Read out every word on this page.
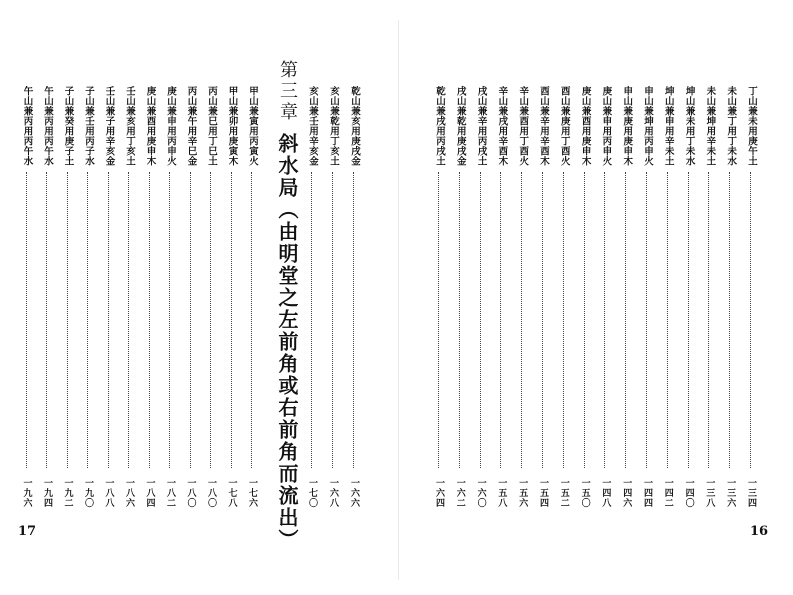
乾山兼亥用庚戌金
一六六
亥山兼乾用丁亥土
一六八
亥山兼壬用辛亥金
一七〇
第三章斜水局（由明堂之左前角或右前角而流出）
甲山兼寅用丙寅火
一七六
甲山兼卯用庚寅木
一七八
丙山兼巳用丁巳土
一八〇
丙山兼午用辛巳金
一八〇
庚山兼申用丙申火
一八二
庚山兼酉用庚申木
一八四
壬山兼亥用丁亥土
一八六
壬山兼子用辛亥金
一八八
子山兼壬用丙子水
一九〇
子山兼癸用庚子土
一九二
午山兼丙用丙午水
一九四
午山兼丙用丙午水
一九六
17
丁山兼未用庚午土
一三四
未山兼丁用丁未水
一三六
未山兼坤用辛未土
一三八
坤山兼未用丁未水
一四〇
坤山兼申用辛未土
一四二
申山兼坤用丙申火
一四四
申山兼庚用庚申木
一四六
庚山兼申用丙申火
一四八
庚山兼酉用庚申木
一五〇
酉山兼庚用丁酉火
一五二
酉山兼辛用辛酉木
一五四
辛山兼酉用丁酉火
一五六
辛山兼戌用辛酉木
一五八
戌山兼辛用丙戌土
一六〇
戌山兼乾用庚戌金
一六二
乾山兼戌用丙戌土
一六四
16
